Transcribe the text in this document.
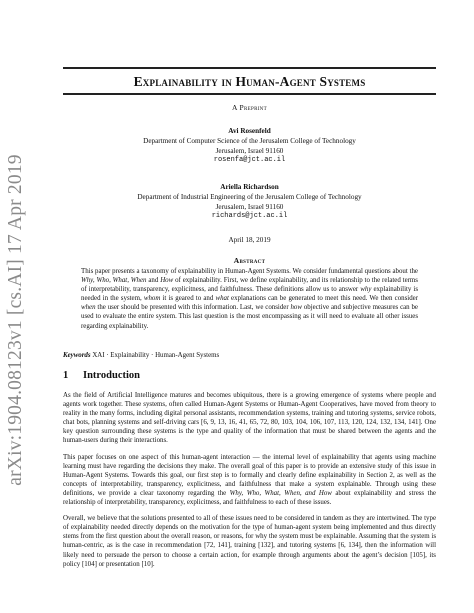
arXiv:1904.08123v1 [cs.AI] 17 Apr 2019
Explainability in Human-Agent Systems
A Preprint
Avi Rosenfeld
Department of Computer Science of the Jerusalem College of Technology
Jerusalem, Israel 91160
rosenfa@jct.ac.il
Ariella Richardson
Department of Industrial Engineering of the Jerusalem College of Technology
Jerusalem, Israel 91160
richards@jct.ac.il
April 18, 2019
Abstract

This paper presents a taxonomy of explainability in Human-Agent Systems. We consider fundamental questions about the Why, Who, What, When and How of explainability. First, we define explainability, and its relationship to the related terms of interpretability, transparency, explicitness, and faithfulness. These definitions allow us to answer why explainability is needed in the system, whom it is geared to and what explanations can be generated to meet this need. We then consider when the user should be presented with this information. Last, we consider how objective and subjective measures can be used to evaluate the entire system. This last question is the most encompassing as it will need to evaluate all other issues regarding explainability.

Keywords XAI · Explainability · Human-Agent Systems
1 Introduction

As the field of Artificial Intelligence matures and becomes ubiquitous, there is a growing emergence of systems where people and agents work together. These systems, often called Human-Agent Systems or Human-Agent Cooperatives, have moved from theory to reality in the many forms, including digital personal assistants, recommendation systems, training and tutoring systems, service robots, chat bots, planning systems and self-driving cars [6, 9, 13, 16, 41, 65, 72, 80, 103, 104, 106, 107, 113, 120, 124, 132, 134, 141]. One key question surrounding these systems is the type and quality of the information that must be shared between the agents and the human-users during their interactions.

This paper focuses on one aspect of this human-agent interaction — the internal level of explainability that agents using machine learning must have regarding the decisions they make. The overall goal of this paper is to provide an extensive study of this issue in Human-Agent Systems. Towards this goal, our first step is to formally and clearly define explainability in Section 2, as well as the concepts of interpretability, transparency, explicitness, and faithfulness that make a system explainable. Through using these definitions, we provide a clear taxonomy regarding the Why, Who, What, When, and How about explainability and stress the relationship of interpretability, transparency, explicitness, and faithfulness to each of these issues.

Overall, we believe that the solutions presented to all of these issues need to be considered in tandem as they are intertwined. The type of explainability needed directly depends on the motivation for the type of human-agent system being implemented and thus directly stems from the first question about the overall reason, or reasons, for why the system must be explainable. Assuming that the system is human-centric, as is the case in recommendation [72, 141], training [132], and tutoring systems [6, 134], then the information will likely need to persuade the person to choose a certain action, for example through arguments about the agent’s decision [105], its policy [104] or presentation [10].
